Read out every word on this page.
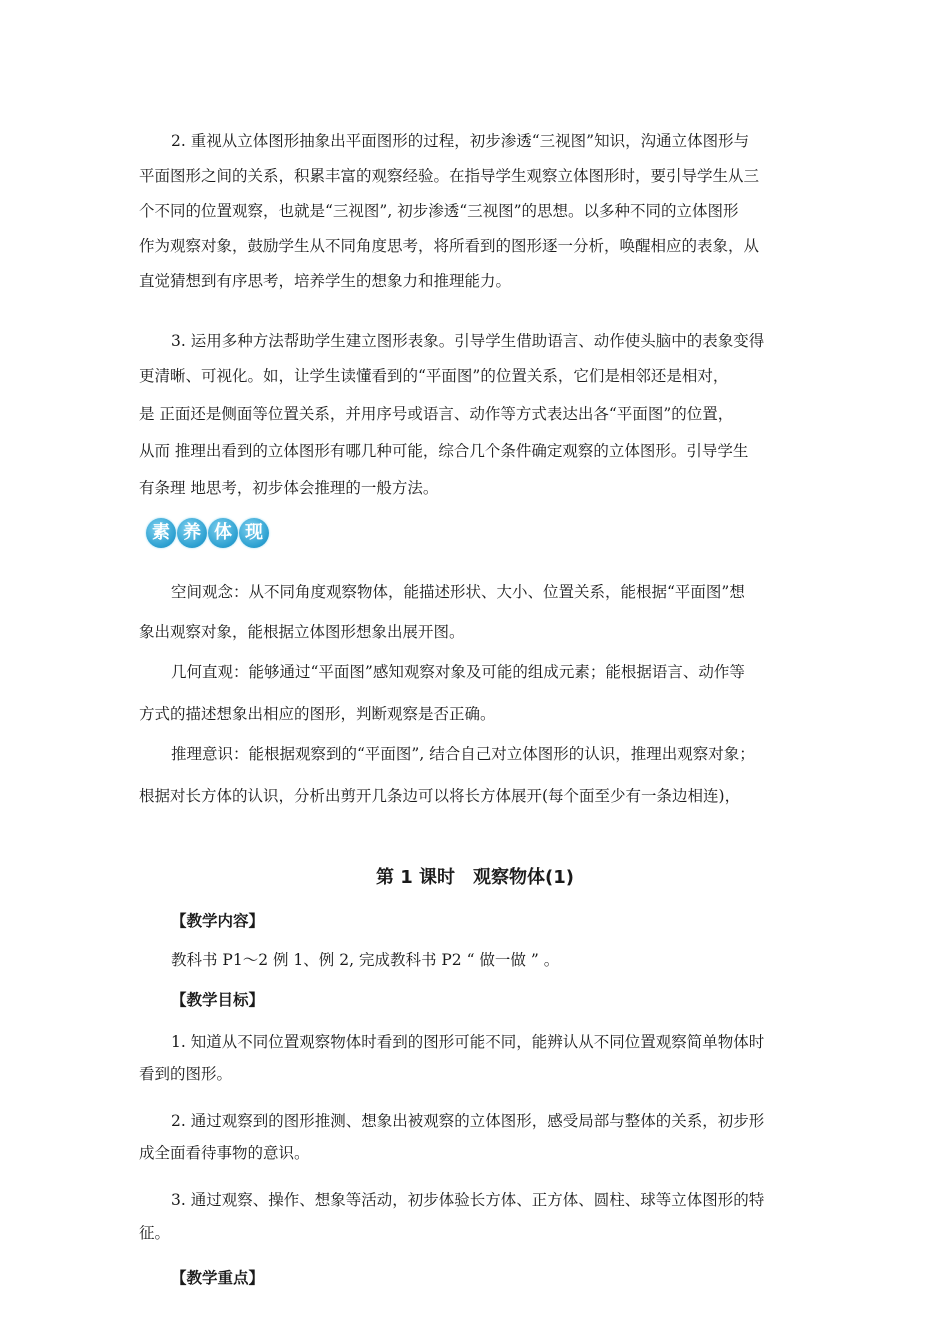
2. 重视从立体图形抽象出平面图形的过程，初步渗透“三视图”知识，沟通立体图形与
平面图形之间的关系，积累丰富的观察经验。在指导学生观察立体图形时，要引导学生从三
个不同的位置观察，也就是“三视图”, 初步渗透“三视图”的思想。以多种不同的立体图形
作为观察对象，鼓励学生从不同角度思考，将所看到的图形逐一分析，唤醒相应的表象，从
直觉猜想到有序思考，培养学生的想象力和推理能力。
3. 运用多种方法帮助学生建立图形表象。引导学生借助语言、动作使头脑中的表象变得
更清晰、可视化。如，让学生读懂看到的“平面图”的位置关系，它们是相邻还是相对，
是 正面还是侧面等位置关系，并用序号或语言、动作等方式表达出各“平面图”的位置，
从而 推理出看到的立体图形有哪几种可能，综合几个条件确定观察的立体图形。引导学生
有条理 地思考，初步体会推理的一般方法。
素 养 体 现
空间观念：从不同角度观察物体，能描述形状、大小、位置关系，能根据“平面图”想
象出观察对象，能根据立体图形想象出展开图。
几何直观：能够通过“平面图”感知观察对象及可能的组成元素；能根据语言、动作等
方式的描述想象出相应的图形，判断观察是否正确。
推理意识：能根据观察到的“平面图”, 结合自己对立体图形的认识，推理出观察对象；
根据对长方体的认识，分析出剪开几条边可以将长方体展开(每个面至少有一条边相连)，
第 1 课时　观察物体(1)
【教学内容】
教科书 P1～2 例 1、例 2, 完成教科书 P2 “ 做一做 ” 。
【教学目标】
1. 知道从不同位置观察物体时看到的图形可能不同，能辨认从不同位置观察简单物体时
看到的图形。
2. 通过观察到的图形推测、想象出被观察的立体图形，感受局部与整体的关系，初步形
成全面看待事物的意识。
3. 通过观察、操作、想象等活动，初步体验长方体、正方体、圆柱、球等立体图形的特
征。
【教学重点】
